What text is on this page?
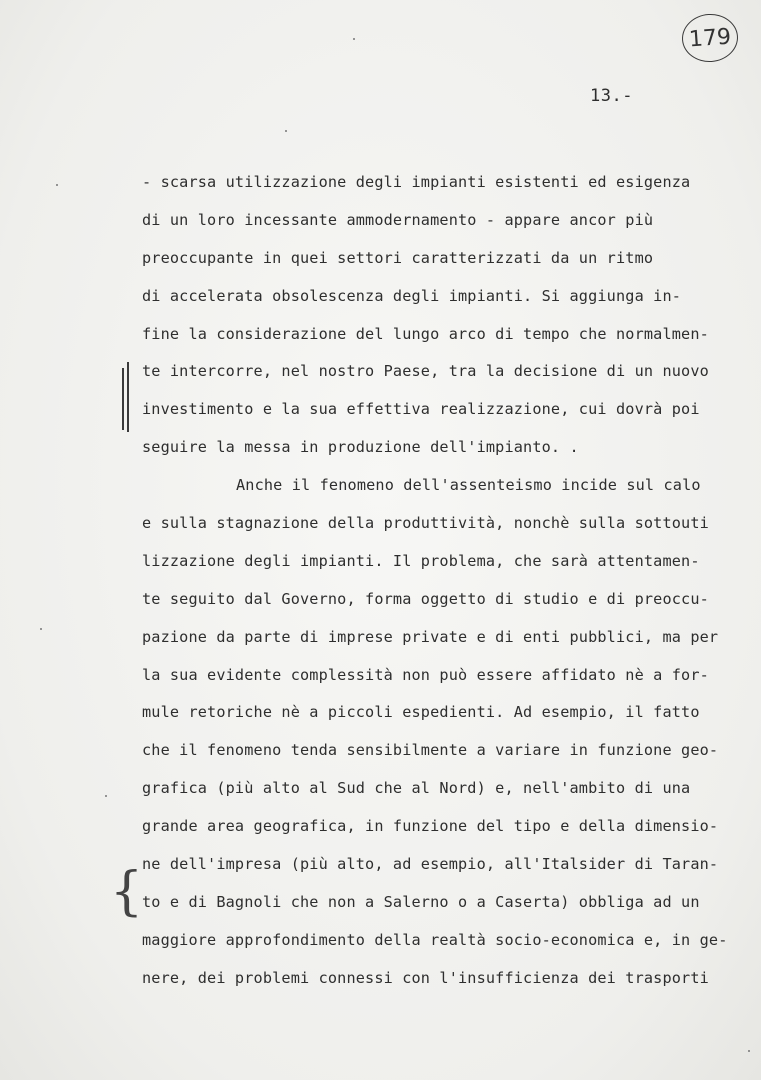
179
13.-
{
- scarsa utilizzazione degli impianti esistenti ed esigenza
di un loro incessante ammodernamento - appare ancor più
preoccupante in quei settori caratterizzati da un ritmo
di accelerata obsolescenza degli impianti. Si aggiunga in-
fine la considerazione del lungo arco di tempo che normalmen-
te intercorre, nel nostro Paese, tra la decisione di un nuovo
investimento e la sua effettiva realizzazione, cui dovrà poi
seguire la messa in produzione dell'impianto. .
Anche il fenomeno dell'assenteismo incide sul calo
e sulla stagnazione della produttività, nonchè sulla sottouti
lizzazione degli impianti. Il problema, che sarà attentamen-
te seguito dal Governo, forma oggetto di studio e di preoccu-
pazione da parte di imprese private e di enti pubblici, ma per
la sua evidente complessità non può essere affidato nè a for-
mule retoriche nè a piccoli espedienti. Ad esempio, il fatto
che il fenomeno tenda sensibilmente a variare in funzione geo-
grafica (più alto al Sud che al Nord) e, nell'ambito di una
grande area geografica, in funzione del tipo e della dimensio-
ne dell'impresa (più alto, ad esempio, all'Italsider di Taran-
to e di Bagnoli che non a Salerno o a Caserta) obbliga ad un
maggiore approfondimento della realtà socio-economica e, in ge-
nere, dei problemi connessi con l'insufficienza dei trasporti
